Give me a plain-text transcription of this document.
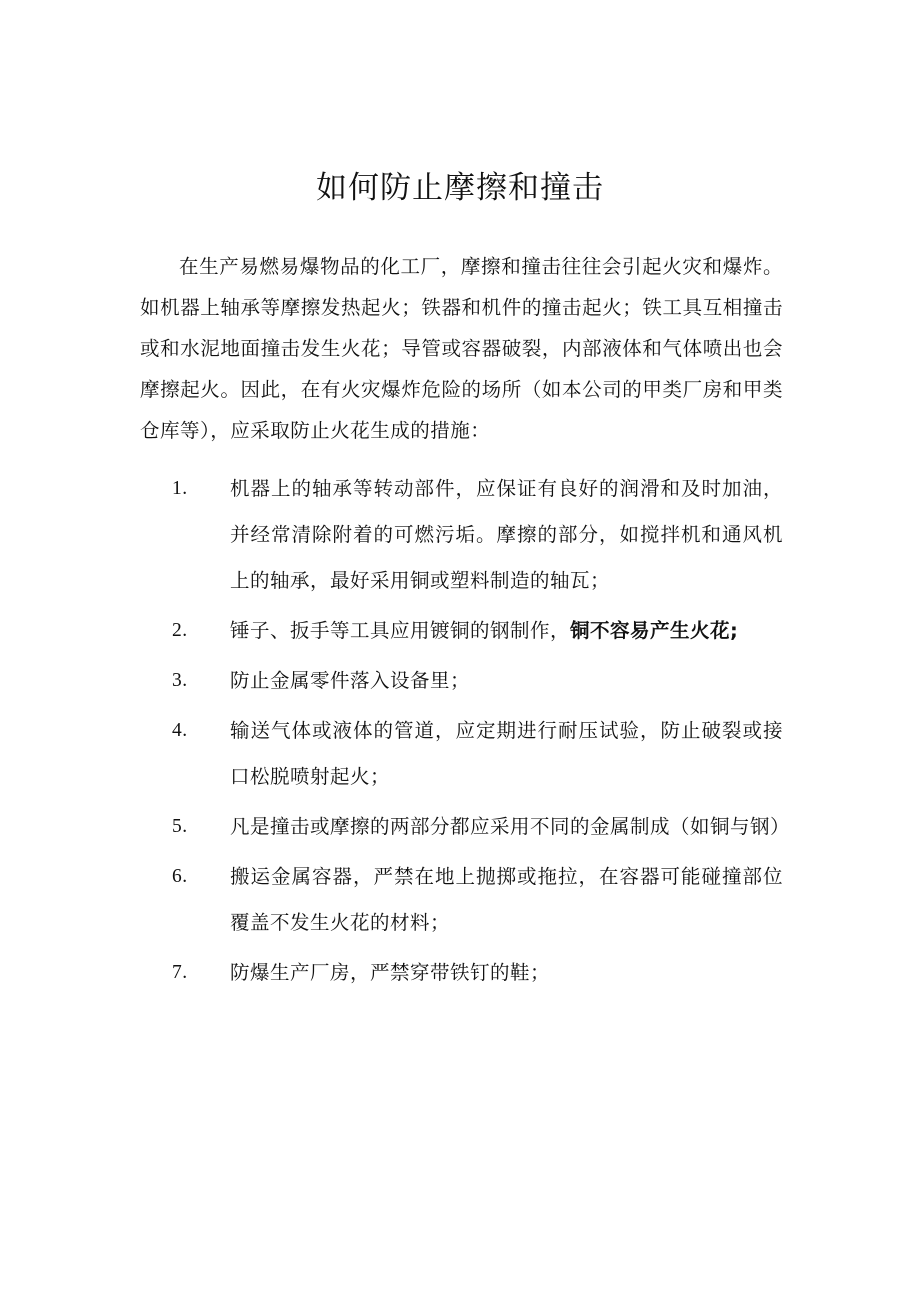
如何防止摩擦和撞击

在生产易燃易爆物品的化工厂，摩擦和撞击往往会引起火灾和爆炸。如机器上轴承等摩擦发热起火；铁器和机件的撞击起火；铁工具互相撞击或和水泥地面撞击发生火花；导管或容器破裂，内部液体和气体喷出也会摩擦起火。因此，在有火灾爆炸危险的场所（如本公司的甲类厂房和甲类仓库等），应采取防止火花生成的措施：

1.	机器上的轴承等转动部件，应保证有良好的润滑和及时加油，并经常清除附着的可燃污垢。摩擦的部分，如搅拌机和通风机上的轴承，最好采用铜或塑料制造的轴瓦；
2.	锤子、扳手等工具应用镀铜的钢制作，铜不容易产生火花;
3.	防止金属零件落入设备里；
4.	输送气体或液体的管道，应定期进行耐压试验，防止破裂或接口松脱喷射起火；
5.	凡是撞击或摩擦的两部分都应采用不同的金属制成（如铜与钢）
6.	搬运金属容器，严禁在地上抛掷或拖拉，在容器可能碰撞部位覆盖不发生火花的材料；
7.	防爆生产厂房，严禁穿带铁钉的鞋；
